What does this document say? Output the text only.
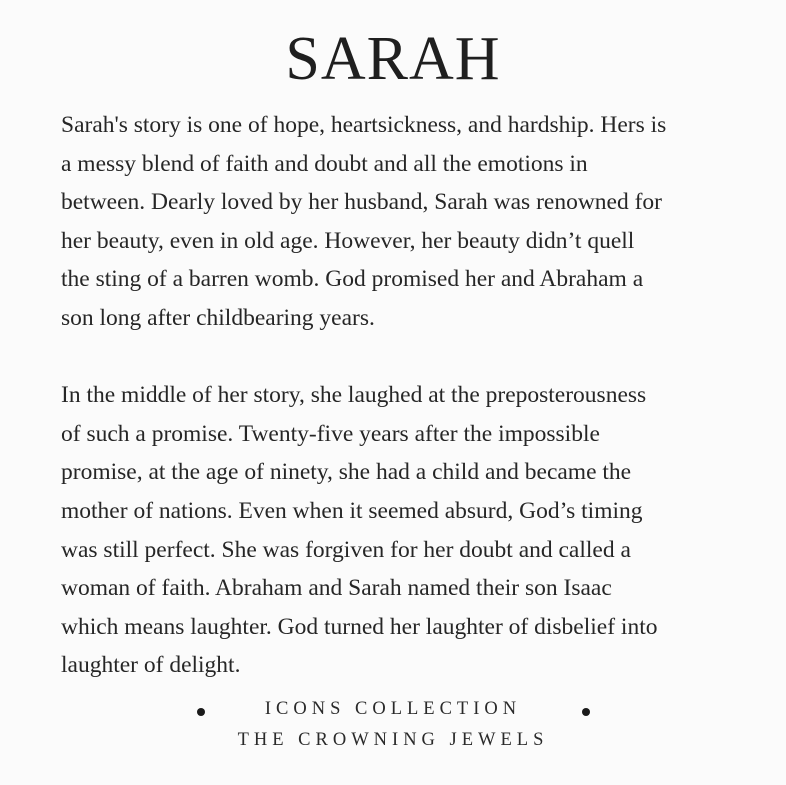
SARAH

Sarah's story is one of hope, heartsickness, and hardship. Hers is
a messy blend of faith and doubt and all the emotions in
between. Dearly loved by her husband, Sarah was renowned for
her beauty, even in old age. However, her beauty didn’t quell
the sting of a barren womb. God promised her and Abraham a
son long after childbearing years.

In the middle of her story, she laughed at the preposterousness
of such a promise. Twenty-five years after the impossible
promise, at the age of ninety, she had a child and became the
mother of nations. Even when it seemed absurd, God’s timing
was still perfect. She was forgiven for her doubt and called a
woman of faith. Abraham and Sarah named their son Isaac
which means laughter. God turned her laughter of disbelief into
laughter of delight.

ICONS COLLECTION
THE CROWNING JEWELS
